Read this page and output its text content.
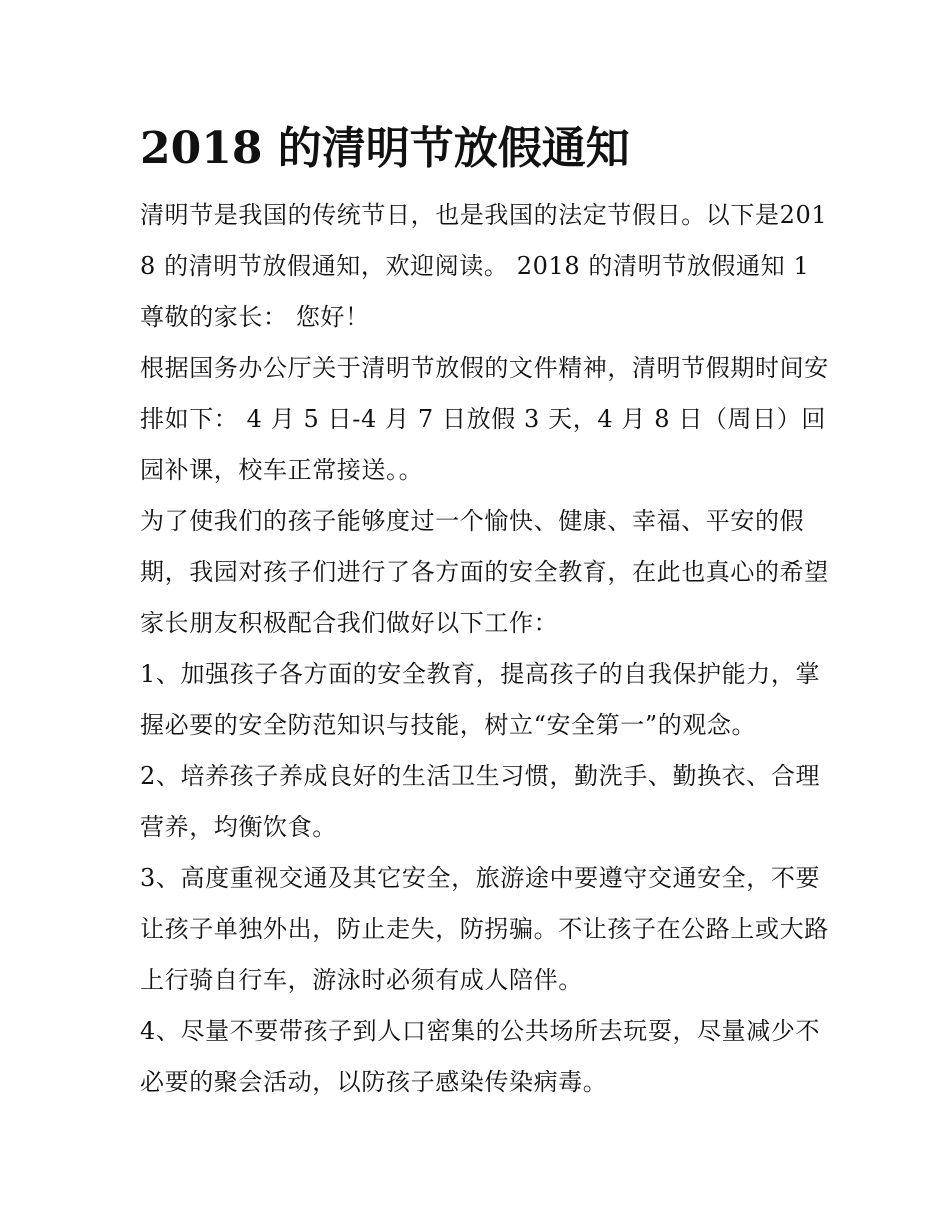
2018 的清明节放假通知

清明节是我国的传统节日，也是我国的法定节假日。以下是2018 的清明节放假通知，欢迎阅读。 2018 的清明节放假通知 1

尊敬的家长： 您好！

根据国务办公厅关于清明节放假的文件精神，清明节假期时间安排如下： 4 月 5 日-4 月 7 日放假 3 天，4 月 8 日（周日）回园补课，校车正常接送。。

为了使我们的孩子能够度过一个愉快、健康、幸福、平安的假期，我园对孩子们进行了各方面的安全教育，在此也真心的希望家长朋友积极配合我们做好以下工作：

1、加强孩子各方面的安全教育，提高孩子的自我保护能力，掌握必要的安全防范知识与技能，树立“安全第一”的观念。

2、培养孩子养成良好的生活卫生习惯，勤洗手、勤换衣、合理营养，均衡饮食。

3、高度重视交通及其它安全，旅游途中要遵守交通安全，不要让孩子单独外出，防止走失，防拐骗。不让孩子在公路上或大路上行骑自行车，游泳时必须有成人陪伴。

4、尽量不要带孩子到人口密集的公共场所去玩耍，尽量减少不必要的聚会活动，以防孩子感染传染病毒。
